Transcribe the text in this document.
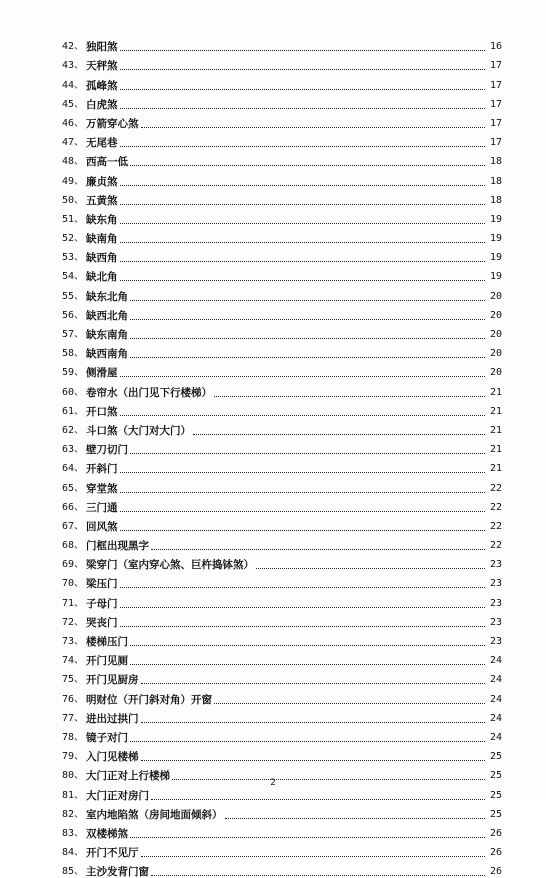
42、 独阳煞	16
43、 天秤煞	17
44、 孤峰煞	17
45、 白虎煞	17
46、 万箭穿心煞	17
47、 无尾巷	17
48、 西高一低	18
49、 廉贞煞	18
50、 五黄煞	18
51、 缺东角	19
52、 缺南角	19
53、 缺西角	19
54、 缺北角	19
55、 缺东北角	20
56、 缺西北角	20
57、 缺东南角	20
58、 缺西南角	20
59、 侧滑屋	20
60、 卷帘水（出门见下行楼梯）	21
61、 开口煞	21
62、 斗口煞（大门对大门）	21
63、 壁刀切门	21
64、 开斜门	21
65、 穿堂煞	22
66、 三门通	22
67、 回风煞	22
68、 门框出现黑字	22
69、 梁穿门（室内穿心煞、巨杵捣钵煞）	23
70、 梁压门	23
71、 子母门	23
72、 哭丧门	23
73、 楼梯压门	23
74、 开门见厕	24
75、 开门见厨房	24
76、 明财位（开门斜对角）开窗	24
77、 进出过拱门	24
78、 镜子对门	24
79、 入门见楼梯	25
80、 大门正对上行楼梯	25
81、 大门正对房门	25
82、 室内地陷煞（房间地面倾斜）	25
83、 双楼梯煞	26
84、 开门不见厅	26
85、 主沙发背门窗	26
2
